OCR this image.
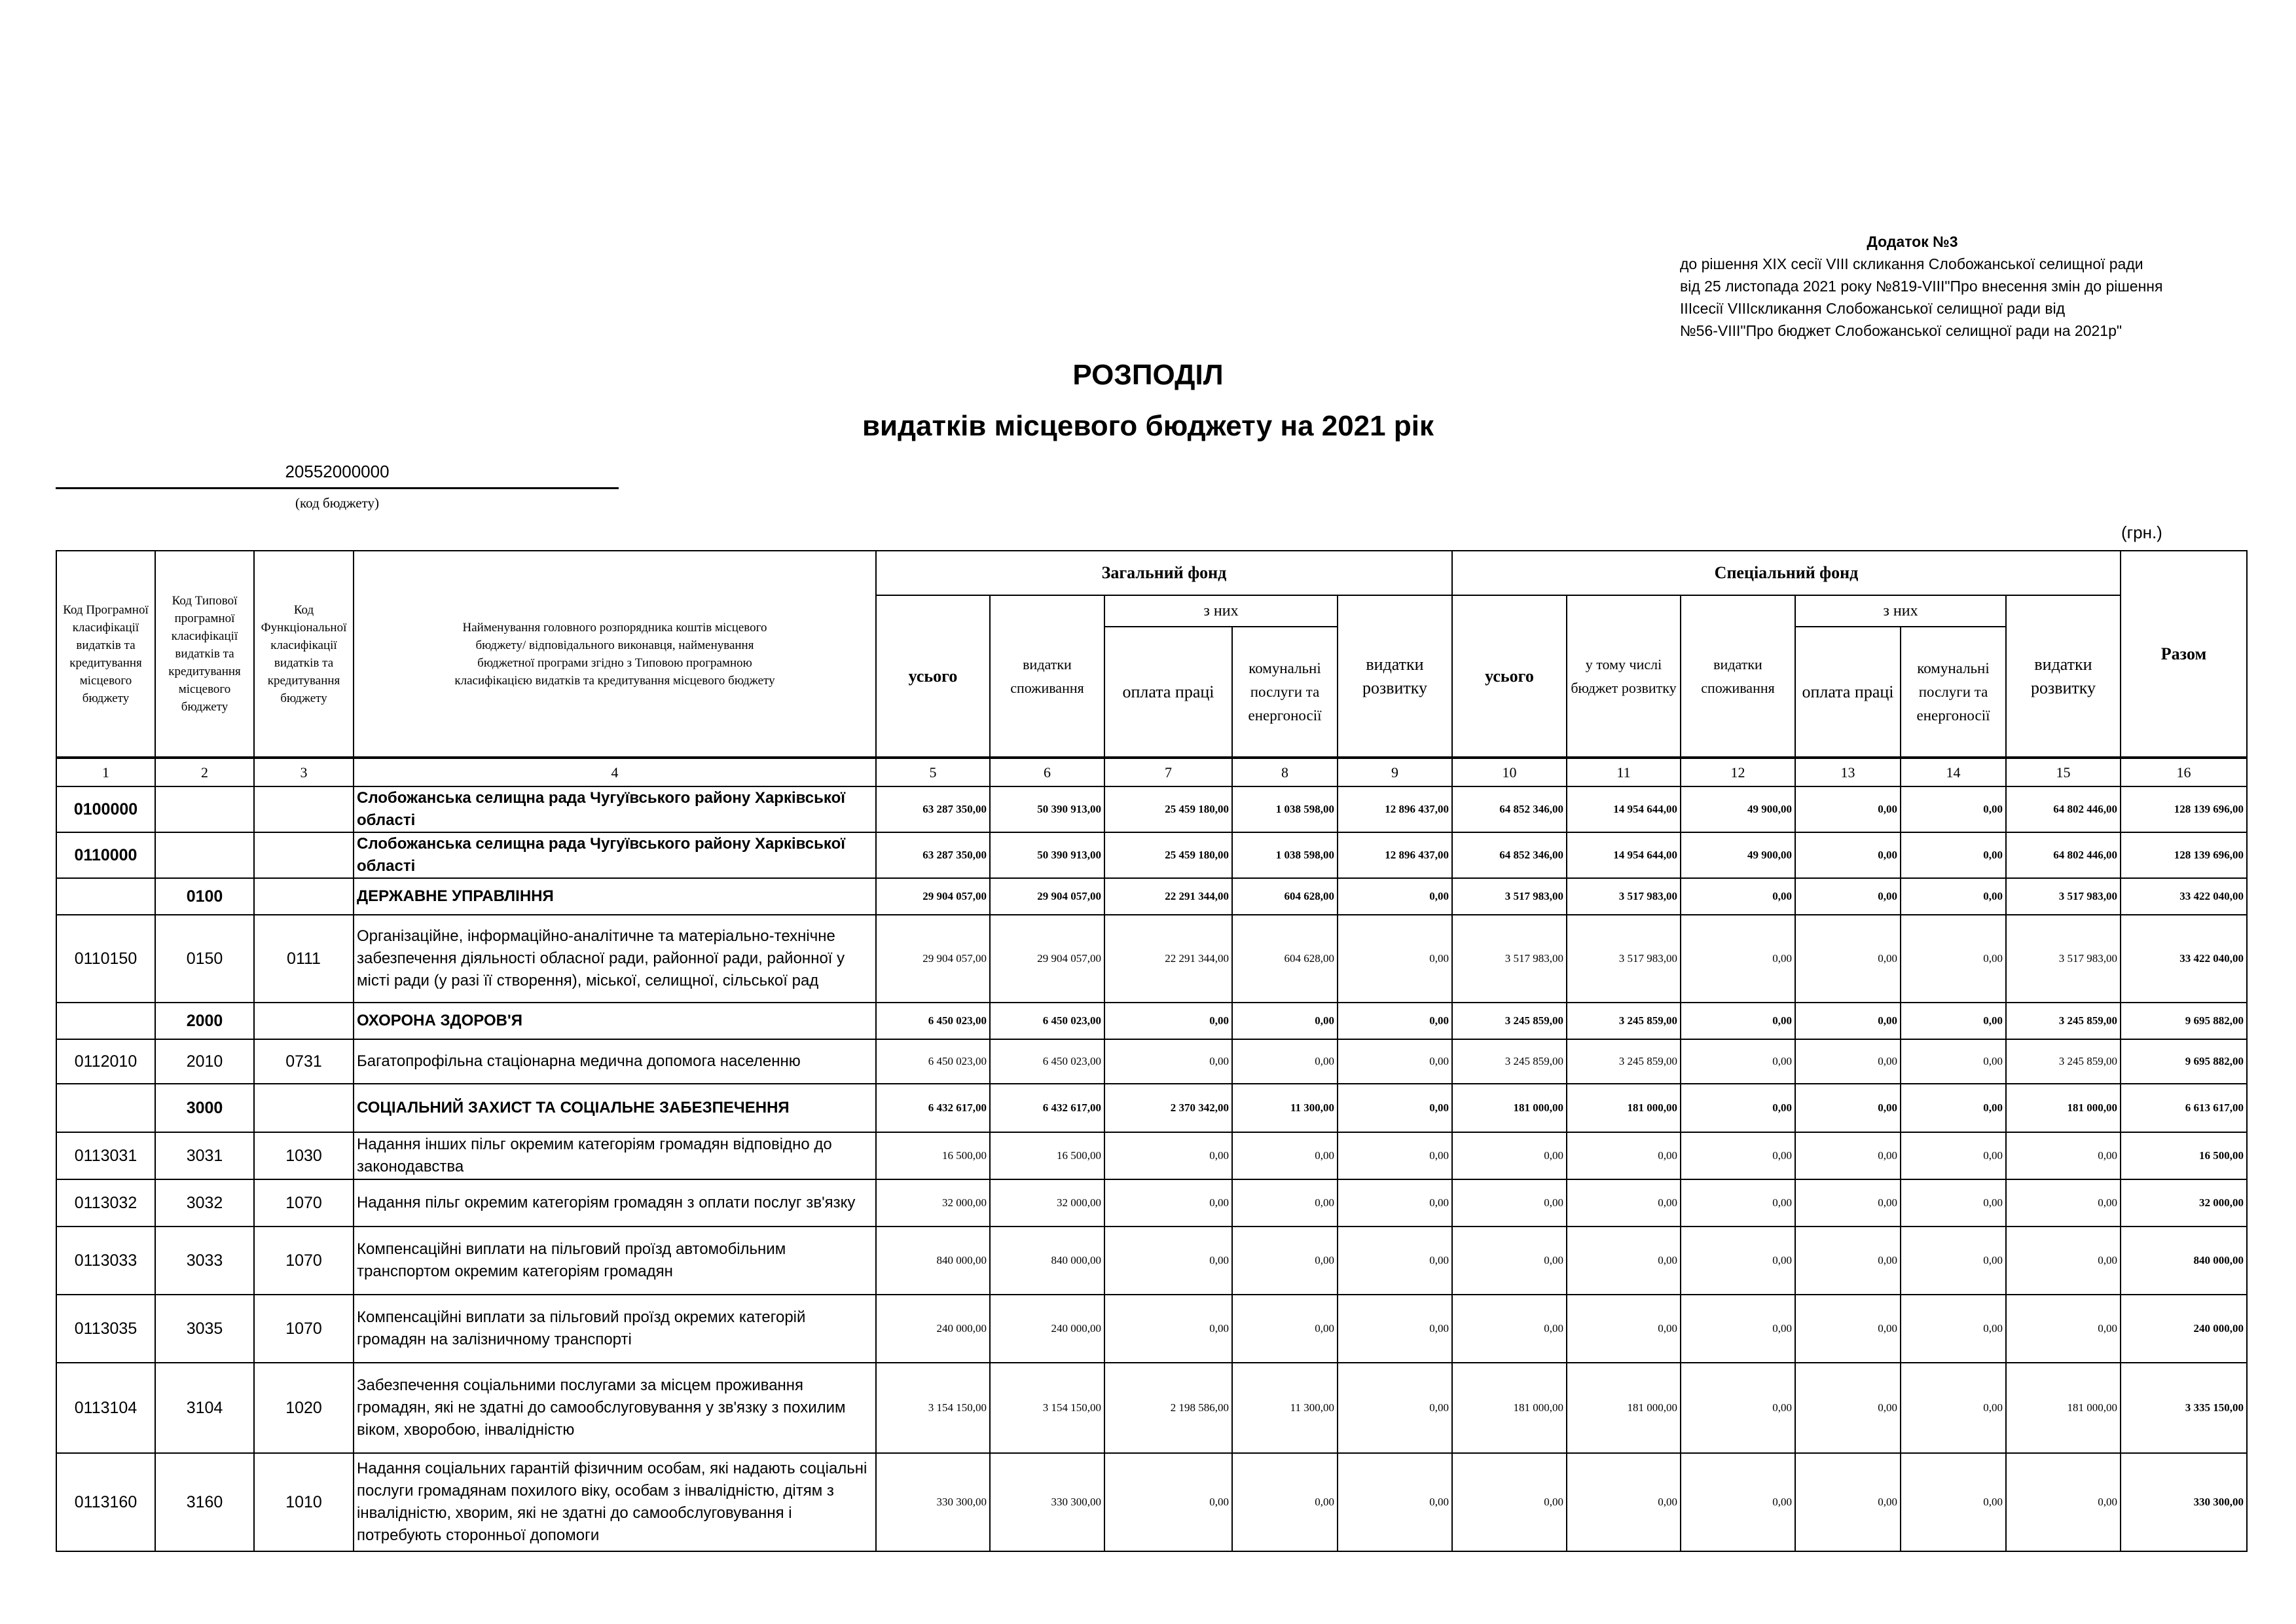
Додаток №3
до рішення XIX сесії VIII скликання Слобожанської селищної ради
від 25 листопада 2021 року №819-VIII"Про внесення змін до рішення
IIIсесії VIIIскликання Слобожанської селищної ради від
№56-VIII"Про бюджет Слобожанської селищної ради на 2021р"
РОЗПОДІЛ
видатків місцевого бюджету на 2021 рік
20552000000
(код бюджету)
(грн.)
Код Програмної класифікації видатків та кредитування місцевого бюджету	Код Типової програмної класифікації видатків та кредитування місцевого бюджету	Код Функціональної класифікації видатків та кредитування бюджету	Найменування головного розпорядника коштів місцевого бюджету/ відповідального виконавця, найменування бюджетної програми згідно з Типовою програмною класифікацією видатків та кредитування місцевого бюджету	Загальний фонд					Спеціальний фонд						Разом
				усього	видатки споживання	з них		видатки розвитку	усього	у тому числі бюджет розвитку	видатки споживання	з них		видатки розвитку	
						оплата праці	комунальні послуги та енергоносії					оплата праці	комунальні послуги та енергоносії		
1	2	3	4	5	6	7	8	9	10	11	12	13	14	15	16
0100000			Слобожанська селищна рада Чугуївського району Харківської області	63 287 350,00	50 390 913,00	25 459 180,00	1 038 598,00	12 896 437,00	64 852 346,00	14 954 644,00	49 900,00	0,00	0,00	64 802 446,00	128 139 696,00
0110000			Слобожанська селищна рада Чугуївського району Харківської області	63 287 350,00	50 390 913,00	25 459 180,00	1 038 598,00	12 896 437,00	64 852 346,00	14 954 644,00	49 900,00	0,00	0,00	64 802 446,00	128 139 696,00
	0100		ДЕРЖАВНЕ УПРАВЛІННЯ	29 904 057,00	29 904 057,00	22 291 344,00	604 628,00	0,00	3 517 983,00	3 517 983,00	0,00	0,00	0,00	3 517 983,00	33 422 040,00
0110150	0150	0111	Організаційне, інформаційно-аналітичне та матеріально-технічне забезпечення діяльності обласної ради, районної ради, районної у місті ради (у разі її створення), міської, селищної, сільської рад	29 904 057,00	29 904 057,00	22 291 344,00	604 628,00	0,00	3 517 983,00	3 517 983,00	0,00	0,00	0,00	3 517 983,00	33 422 040,00
	2000		ОХОРОНА ЗДОРОВ'Я	6 450 023,00	6 450 023,00	0,00	0,00	0,00	3 245 859,00	3 245 859,00	0,00	0,00	0,00	3 245 859,00	9 695 882,00
0112010	2010	0731	Багатопрофільна стаціонарна медична допомога населенню	6 450 023,00	6 450 023,00	0,00	0,00	0,00	3 245 859,00	3 245 859,00	0,00	0,00	0,00	3 245 859,00	9 695 882,00
	3000		СОЦІАЛЬНИЙ ЗАХИСТ ТА СОЦІАЛЬНЕ ЗАБЕЗПЕЧЕННЯ	6 432 617,00	6 432 617,00	2 370 342,00	11 300,00	0,00	181 000,00	181 000,00	0,00	0,00	0,00	181 000,00	6 613 617,00
0113031	3031	1030	Надання інших пільг окремим категоріям громадян відповідно до законодавства	16 500,00	16 500,00	0,00	0,00	0,00	0,00	0,00	0,00	0,00	0,00	0,00	16 500,00
0113032	3032	1070	Надання пільг окремим категоріям громадян з оплати послуг зв'язку	32 000,00	32 000,00	0,00	0,00	0,00	0,00	0,00	0,00	0,00	0,00	0,00	32 000,00
0113033	3033	1070	Компенсаційні виплати на пільговий проїзд автомобільним транспортом окремим категоріям громадян	840 000,00	840 000,00	0,00	0,00	0,00	0,00	0,00	0,00	0,00	0,00	0,00	840 000,00
0113035	3035	1070	Компенсаційні виплати за пільговий проїзд окремих категорій громадян на залізничному транспорті	240 000,00	240 000,00	0,00	0,00	0,00	0,00	0,00	0,00	0,00	0,00	0,00	240 000,00
0113104	3104	1020	Забезпечення соціальними послугами за місцем проживання громадян, які не здатні до самообслуговування у зв'язку з похилим віком, хворобою, інвалідністю	3 154 150,00	3 154 150,00	2 198 586,00	11 300,00	0,00	181 000,00	181 000,00	0,00	0,00	0,00	181 000,00	3 335 150,00
0113160	3160	1010	Надання соціальних гарантій фізичним особам, які надають соціальні послуги громадянам похилого віку, особам з інвалідністю, дітям з інвалідністю, хворим, які не здатні до самообслуговування і потребують сторонньої допомоги	330 300,00	330 300,00	0,00	0,00	0,00	0,00	0,00	0,00	0,00	0,00	0,00	330 300,00
